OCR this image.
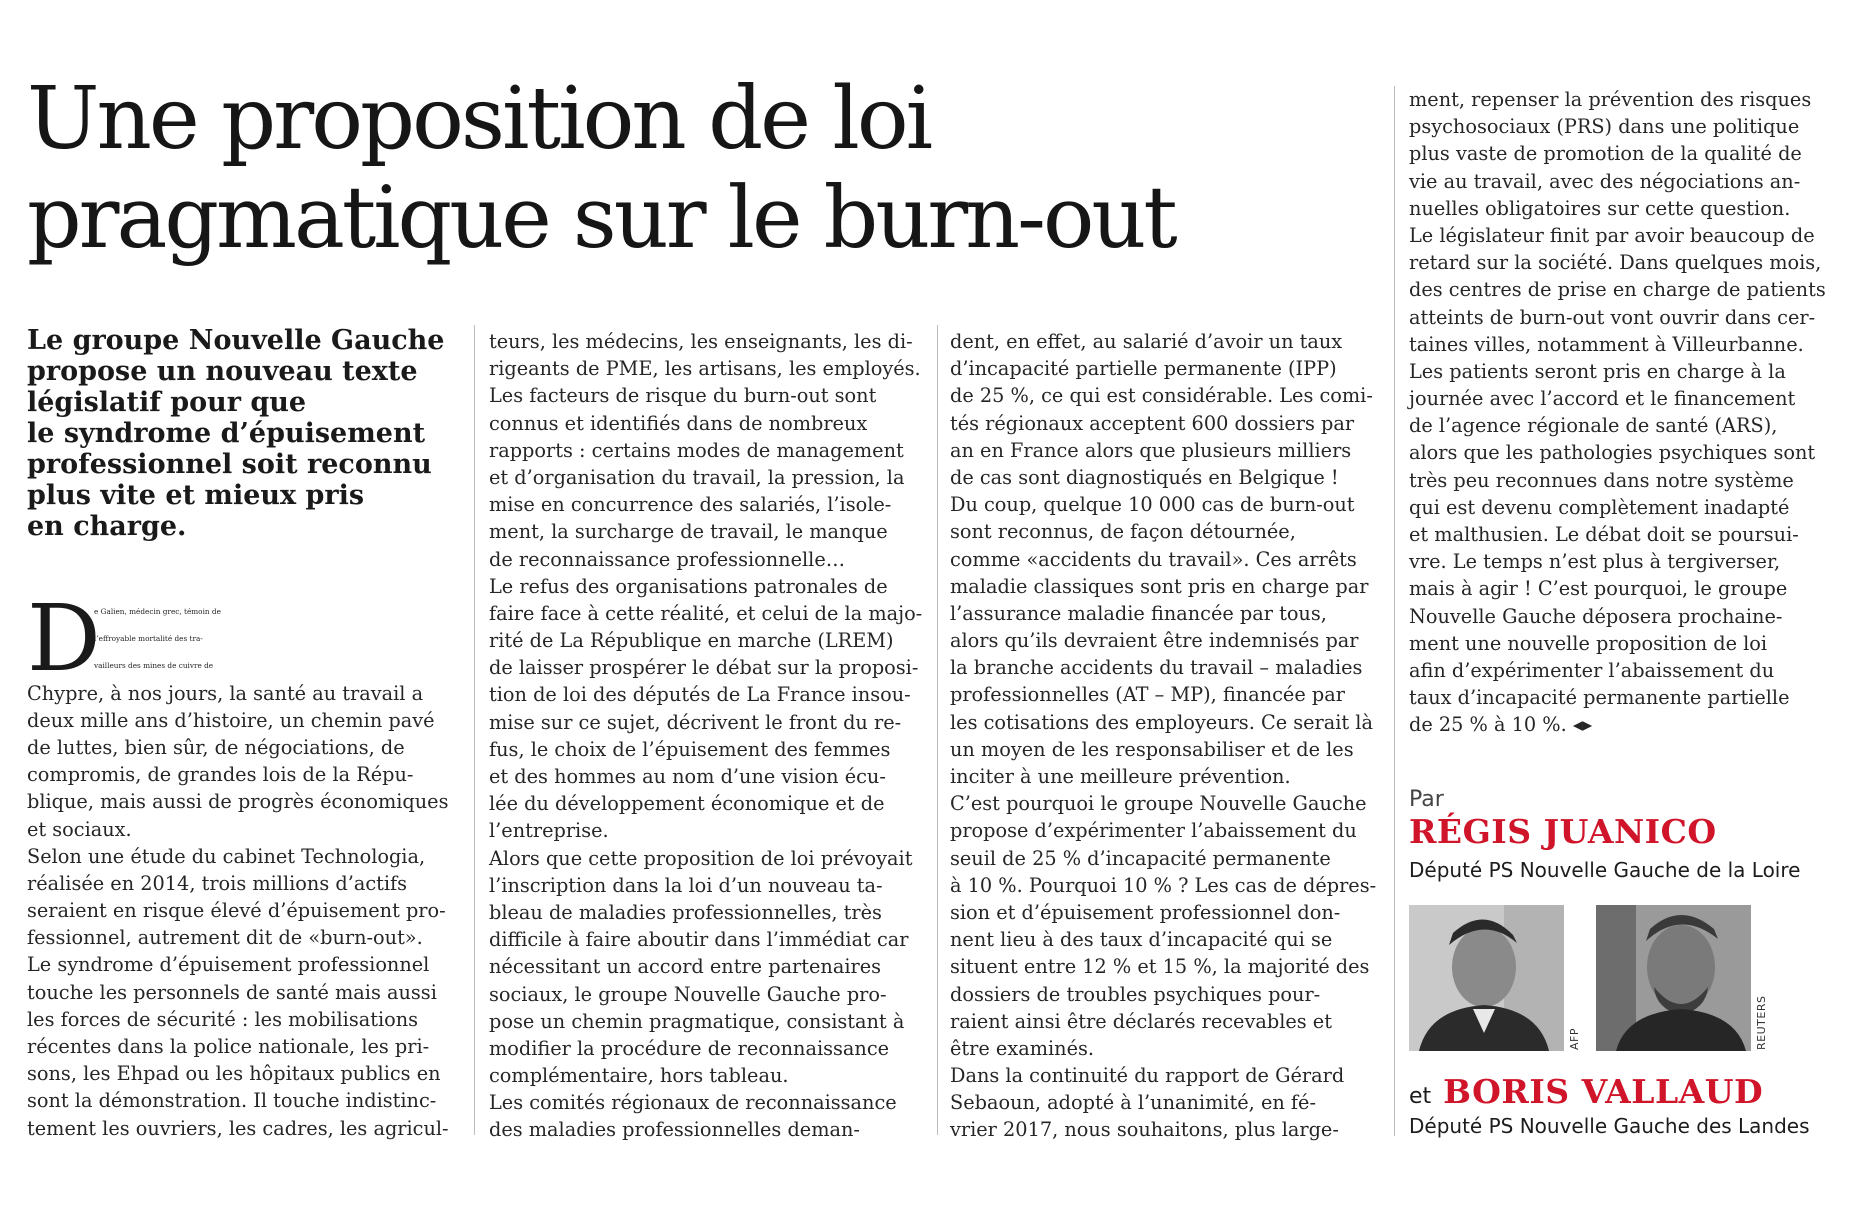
Une proposition de loi
pragmatique sur le burn-out
Le groupe Nouvelle Gauche
propose un nouveau texte
législatif pour que
le syndrome d’épuisement
professionnel soit reconnu
plus vite et mieux pris
en charge.
D
e Galien, médecin grec, témoin de
l’effroyable mortalité des tra-
vailleurs des mines de cuivre de
Chypre, à nos jours, la santé au travail a
deux mille ans d’histoire, un chemin pavé
de luttes, bien sûr, de négociations, de
compromis, de grandes lois de la Répu-
blique, mais aussi de progrès économiques
et sociaux.
Selon une étude du cabinet Technologia,
réalisée en 2014, trois millions d’actifs
seraient en risque élevé d’épuisement pro-
fessionnel, autrement dit de «burn-out».
Le syndrome d’épuisement professionnel
touche les personnels de santé mais aussi
les forces de sécurité : les mobilisations
récentes dans la police nationale, les pri-
sons, les Ehpad ou les hôpitaux publics en
sont la démonstration. Il touche indistinc-
tement les ouvriers, les cadres, les agricul-
teurs, les médecins, les enseignants, les di-
rigeants de PME, les artisans, les employés.
Les facteurs de risque du burn-out sont
connus et identifiés dans de nombreux
rapports : certains modes de management
et d’organisation du travail, la pression, la
mise en concurrence des salariés, l’isole-
ment, la surcharge de travail, le manque
de reconnaissance professionnelle…
Le refus des organisations patronales de
faire face à cette réalité, et celui de la majo-
rité de La République en marche (LREM)
de laisser prospérer le débat sur la proposi-
tion de loi des députés de La France insou-
mise sur ce sujet, décrivent le front du re-
fus, le choix de l’épuisement des femmes
et des hommes au nom d’une vision écu-
lée du développement économique et de
l’entreprise.
Alors que cette proposition de loi prévoyait
l’inscription dans la loi d’un nouveau ta-
bleau de maladies professionnelles, très
difficile à faire aboutir dans l’immédiat car
nécessitant un accord entre partenaires
sociaux, le groupe Nouvelle Gauche pro-
pose un chemin pragmatique, consistant à
modifier la procédure de reconnaissance
complémentaire, hors tableau.
Les comités régionaux de reconnaissance
des maladies professionnelles deman-
dent, en effet, au salarié d’avoir un taux
d’incapacité partielle permanente (IPP)
de 25 %, ce qui est considérable. Les comi-
tés régionaux acceptent 600 dossiers par
an en France alors que plusieurs milliers
de cas sont diagnostiqués en Belgique !
Du coup, quelque 10 000 cas de burn-out
sont reconnus, de façon détournée,
comme «accidents du travail». Ces arrêts
maladie classiques sont pris en charge par
l’assurance maladie financée par tous,
alors qu’ils devraient être indemnisés par
la branche accidents du travail – maladies
professionnelles (AT – MP), financée par
les cotisations des employeurs. Ce serait là
un moyen de les responsabiliser et de les
inciter à une meilleure prévention.
C’est pourquoi le groupe Nouvelle Gauche
propose d’expérimenter l’abaissement du
seuil de 25 % d’incapacité permanente
à 10 %. Pourquoi 10 % ? Les cas de dépres-
sion et d’épuisement professionnel don-
nent lieu à des taux d’incapacité qui se
situent entre 12 % et 15 %, la majorité des
dossiers de troubles psychiques pour-
raient ainsi être déclarés recevables et
être examinés.
Dans la continuité du rapport de Gérard
Sebaoun, adopté à l’unanimité, en fé-
vrier 2017, nous souhaitons, plus large-
ment, repenser la prévention des risques
psychosociaux (PRS) dans une politique
plus vaste de promotion de la qualité de
vie au travail, avec des négociations an-
nuelles obligatoires sur cette question.
Le législateur finit par avoir beaucoup de
retard sur la société. Dans quelques mois,
des centres de prise en charge de patients
atteints de burn-out vont ouvrir dans cer-
taines villes, notamment à Villeurbanne.
Les patients seront pris en charge à la
journée avec l’accord et le financement
de l’agence régionale de santé (ARS),
alors que les pathologies psychiques sont
très peu reconnues dans notre système
qui est devenu complètement inadapté
et malthusien. Le débat doit se poursui-
vre. Le temps n’est plus à tergiverser,
mais à agir ! C’est pourquoi, le groupe
Nouvelle Gauche déposera prochaine-
ment une nouvelle proposition de loi
afin d’expérimenter l’abaissement du
taux d’incapacité permanente partielle
de 25 % à 10 %. ◂▸
Par
RÉGIS JUANICO
Député PS Nouvelle Gauche de la Loire
AFP	REUTERS
et BORIS VALLAUD
Député PS Nouvelle Gauche des Landes
